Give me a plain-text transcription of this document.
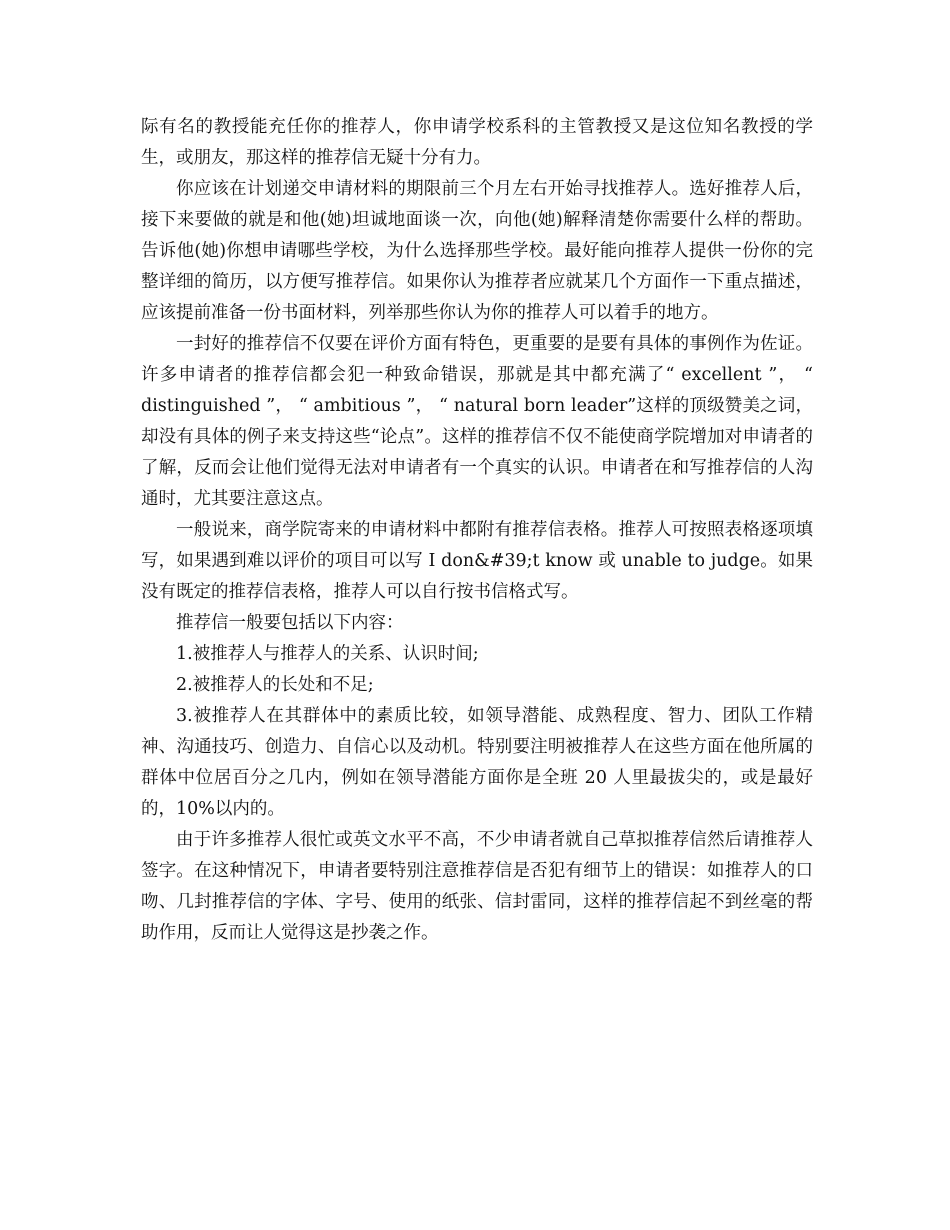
际有名的教授能充任你的推荐人，你申请学校系科的主管教授又是这位知名教授的学生，或朋友，那这样的推荐信无疑十分有力。

你应该在计划递交申请材料的期限前三个月左右开始寻找推荐人。选好推荐人后，接下来要做的就是和他(她)坦诚地面谈一次，向他(她)解释清楚你需要什么样的帮助。告诉他(她)你想申请哪些学校，为什么选择那些学校。最好能向推荐人提供一份你的完整详细的简历，以方便写推荐信。如果你认为推荐者应就某几个方面作一下重点描述，应该提前准备一份书面材料，列举那些你认为你的推荐人可以着手的地方。

一封好的推荐信不仅要在评价方面有特色，更重要的是要有具体的事例作为佐证。许多申请者的推荐信都会犯一种致命错误，那就是其中都充满了“ excellent ”， “ distinguished ”， “ ambitious ”， “ natural born leader”这样的顶级赞美之词，却没有具体的例子来支持这些“论点”。这样的推荐信不仅不能使商学院增加对申请者的了解，反而会让他们觉得无法对申请者有一个真实的认识。申请者在和写推荐信的人沟通时，尤其要注意这点。

一般说来，商学院寄来的申请材料中都附有推荐信表格。推荐人可按照表格逐项填写，如果遇到难以评价的项目可以写 I don&#39;t know 或 unable to judge。如果没有既定的推荐信表格，推荐人可以自行按书信格式写。

推荐信一般要包括以下内容：

1.被推荐人与推荐人的关系、认识时间;

2.被推荐人的长处和不足;

3.被推荐人在其群体中的素质比较，如领导潜能、成熟程度、智力、团队工作精神、沟通技巧、创造力、自信心以及动机。特别要注明被推荐人在这些方面在他所属的群体中位居百分之几内，例如在领导潜能方面你是全班 20 人里最拔尖的，或是最好的，10%以内的。

由于许多推荐人很忙或英文水平不高，不少申请者就自己草拟推荐信然后请推荐人签字。在这种情况下，申请者要特别注意推荐信是否犯有细节上的错误：如推荐人的口吻、几封推荐信的字体、字号、使用的纸张、信封雷同，这样的推荐信起不到丝毫的帮助作用，反而让人觉得这是抄袭之作。
